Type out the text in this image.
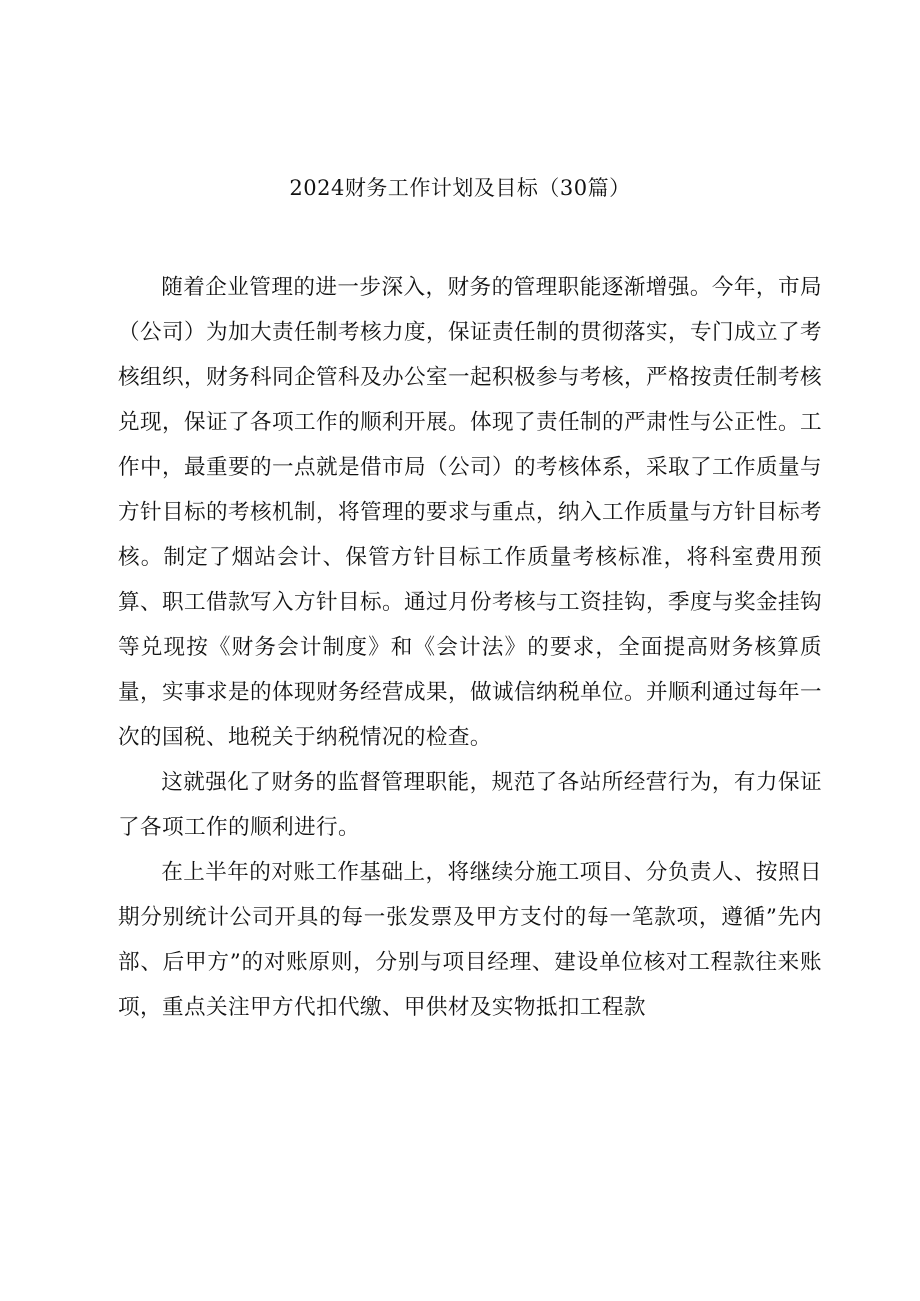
2024财务工作计划及目标（30篇）

随着企业管理的进一步深入，财务的管理职能逐渐增强。今年，市局（公司）为加大责任制考核力度，保证责任制的贯彻落实，专门成立了考核组织，财务科同企管科及办公室一起积极参与考核，严格按责任制考核兑现，保证了各项工作的顺利开展。体现了责任制的严肃性与公正性。工作中，最重要的一点就是借市局（公司）的考核体系，采取了工作质量与方针目标的考核机制，将管理的要求与重点，纳入工作质量与方针目标考核。制定了烟站会计、保管方针目标工作质量考核标准，将科室费用预算、职工借款写入方针目标。通过月份考核与工资挂钩，季度与奖金挂钩等兑现按《财务会计制度》和《会计法》的要求，全面提高财务核算质量，实事求是的体现财务经营成果，做诚信纳税单位。并顺利通过每年一次的国税、地税关于纳税情况的检查。

这就强化了财务的监督管理职能，规范了各站所经营行为，有力保证了各项工作的顺利进行。

在上半年的对账工作基础上，将继续分施工项目、分负责人、按照日期分别统计公司开具的每一张发票及甲方支付的每一笔款项，遵循”先内部、后甲方”的对账原则，分别与项目经理、建设单位核对工程款往来账项，重点关注甲方代扣代缴、甲供材及实物抵扣工程款
